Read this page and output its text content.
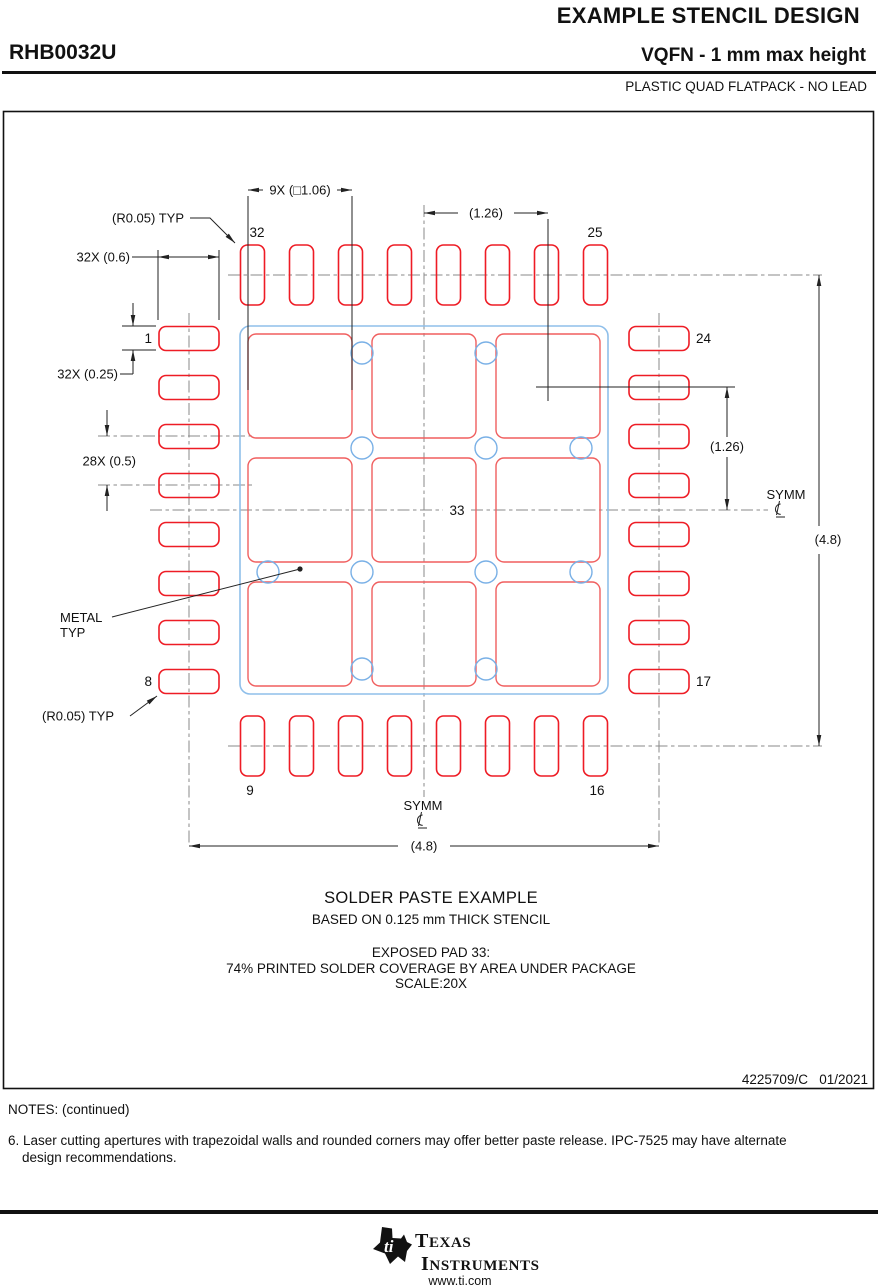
EXAMPLE STENCIL DESIGN
RHB0032U	VQFN - 1 mm max height
PLASTIC QUAD FLATPACK - NO LEAD
9X (□1.06)
(1.26)
(1.26)
(4.8)
(4.8)
32X (0.6)
32X (0.25)
28X (0.5)
(R0.05) TYP
(R0.05) TYP
METAL
TYP
SYMM
SYMM
32	25
1	24
8	17
9	16
33
4225709/C   01/2021
SOLDER PASTE EXAMPLE
BASED ON 0.125 mm THICK STENCIL
EXPOSED PAD 33:
74% PRINTED SOLDER COVERAGE BY AREA UNDER PACKAGE
SCALE:20X
NOTES: (continued)
6. Laser cutting apertures with trapezoidal walls and rounded corners may offer better paste release. IPC-7525 may have alternate
design recommendations.
ti TEXAS
INSTRUMENTS
www.ti.com
